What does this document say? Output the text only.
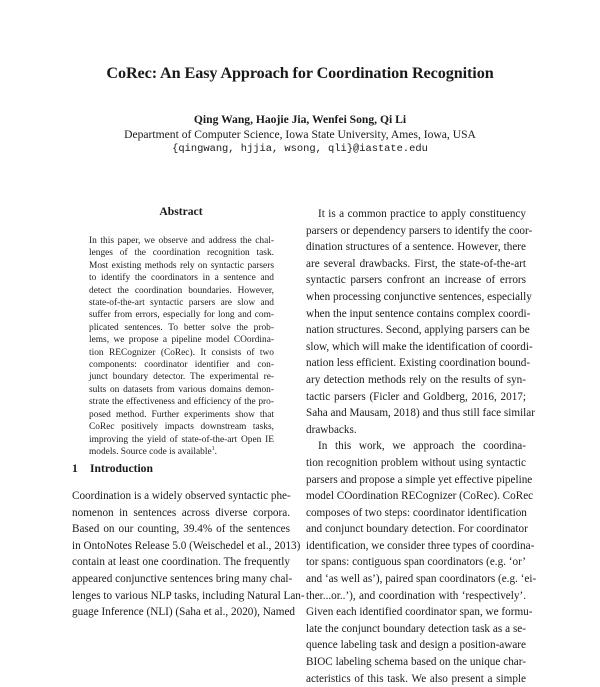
CoRec: An Easy Approach for Coordination Recognition
Qing Wang, Haojie Jia, Wenfei Song, Qi Li
Department of Computer Science, Iowa State University, Ames, Iowa, USA
{qingwang, hjjia, wsong, qli}@iastate.edu
Abstract
In this paper, we observe and address the chal-
lenges of the coordination recognition task.
Most existing methods rely on syntactic parsers
to identify the coordinators in a sentence and
detect the coordination boundaries. However,
state-of-the-art syntactic parsers are slow and
suffer from errors, especially for long and com-
plicated sentences. To better solve the prob-
lems, we propose a pipeline model COordina-
tion RECognizer (CoRec). It consists of two
components: coordinator identifier and con-
junct boundary detector. The experimental re-
sults on datasets from various domains demon-
strate the effectiveness and efficiency of the pro-
posed method. Further experiments show that
CoRec positively impacts downstream tasks,
improving the yield of state-of-the-art Open IE
models. Source code is available$^1$.
1 Introduction
Coordination is a widely observed syntactic phe-
nomenon in sentences across diverse corpora.
Based on our counting, 39.4% of the sentences
in OntoNotes Release 5.0 (Weischedel et al., 2013)
contain at least one coordination. The frequently
appeared conjunctive sentences bring many chal-
lenges to various NLP tasks, including Natural Lan-
guage Inference (NLI) (Saha et al., 2020), Named
It is a common practice to apply constituency
parsers or dependency parsers to identify the coor-
dination structures of a sentence. However, there
are several drawbacks. First, the state-of-the-art
syntactic parsers confront an increase of errors
when processing conjunctive sentences, especially
when the input sentence contains complex coordi-
nation structures. Second, applying parsers can be
slow, which will make the identification of coordi-
nation less efficient. Existing coordination bound-
ary detection methods rely on the results of syn-
tactic parsers (Ficler and Goldberg, 2016, 2017;
Saha and Mausam, 2018) and thus still face similar
drawbacks.
In this work, we approach the coordina-
tion recognition problem without using syntactic
parsers and propose a simple yet effective pipeline
model COordination RECognizer (CoRec). CoRec
composes of two steps: coordinator identification
and conjunct boundary detection. For coordinator
identification, we consider three types of coordina-
tor spans: contiguous span coordinators (e.g. ‘or’
and ‘as well as’), paired span coordinators (e.g. ‘ei-
ther...or..’), and coordination with ‘respectively’.
Given each identified coordinator span, we formu-
late the conjunct boundary detection task as a se-
quence labeling task and design a position-aware
BIOC labeling schema based on the unique char-
acteristics of this task. We also present a simple
